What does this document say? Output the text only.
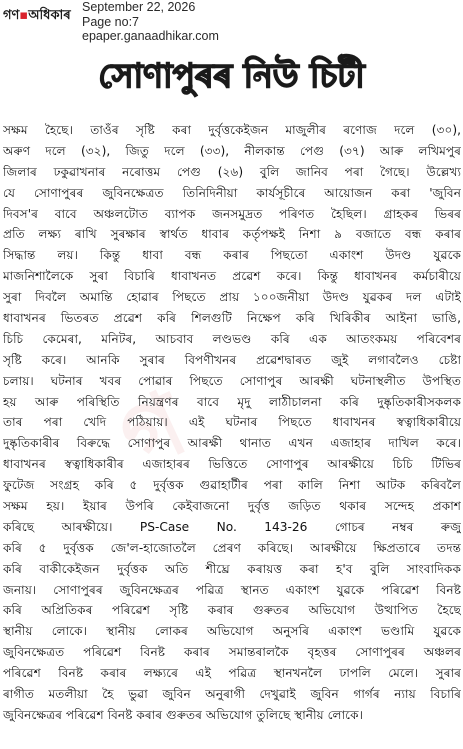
গণ▪অধিকাৰ
September 22, 2026
Page no:7
epaper.ganaadhikar.com
সোণাপুৰৰ নিউ চিটী
গ
সক্ষম হৈছে। তাওঁৰ সৃষ্টি কৰা দুৰ্বৃত্তকেইজন মাজুলীৰ ৰণোজ দলে (৩০),
অৰুণ দলে (৩২), জিতু দলে (৩৩), নীলকান্ত পেগু (৩৭) আৰু লখিমপুৰ
জিলাৰ ঢকুৱাখনাৰ নৰোত্তম পেগু (২৬) বুলি জানিব পৰা গৈছে। উল্লেখ্য
যে সোণাপুৰৰ জুবিনক্ষেত্ৰত তিনিদিনীয়া কাৰ্যসূচীৰে আয়োজন কৰা 'জুবিন
দিবস'ৰ বাবে অঞ্চলটোত ব্যাপক জনসমুদ্ৰত পৰিণত হৈছিল। গ্ৰাহকৰ ভিৰৰ
প্ৰতি লক্ষ্য ৰাখি সুৰক্ষাৰ স্বাৰ্থত ধাবাৰ কৰ্তৃপক্ষই নিশা ৯ বজাতে বন্ধ কৰাৰ
সিদ্ধান্ত লয়। কিন্তু ধাবা বন্ধ কৰাৰ পিছতো একাংশ উদণ্ড যুৱকে
মাজনিশালৈকে সুৰা বিচাৰি ধাবাখনত প্ৰৱেশ কৰে। কিন্তু ধাবাখনৰ কৰ্মচাৰীয়ে
সুৰা দিবলৈ অমান্তি হোৱাৰ পিছতে প্ৰায় ১০০জনীয়া উদণ্ড যুৱকৰ দল এটাই
ধাবাখনৰ ভিতৰত প্ৰৱেশ কৰি শিলগুটি নিক্ষেপ কৰি খিৰিকীৰ আইনা ভাঙি,
চিচি কেমেৰা, মনিটৰ, আচবাব লণ্ডভণ্ড কৰি এক আতংকময় পৰিবেশৰ
সৃষ্টি কৰে। আনকি সুৰাৰ বিপণীখনৰ প্ৰৱেশদ্বাৰত জুই লগাবলৈও চেষ্টা
চলায়। ঘটনাৰ খবৰ পোৱাৰ পিছতে সোণাপুৰ আৰক্ষী ঘটনাস্থলীত উপস্থিত
হয় আৰু পৰিস্থিতি নিয়ন্ত্ৰণৰ বাবে মৃদু লাঠীচালনা কৰি দুষ্কৃতিকাৰীসকলক
তাৰ পৰা খেদি পঠিয়ায়। এই ঘটনাৰ পিছতে ধাবাখনৰ স্বত্বাধিকাৰীয়ে
দুষ্কৃতিকাৰীৰ বিৰুদ্ধে সোণাপুৰ আৰক্ষী থানাত এখন এজাহাৰ দাখিল কৰে।
ধাবাখনৰ স্বত্বাধিকাৰীৰ এজাহাৰৰ ভিত্তিতে সোণাপুৰ আৰক্ষীয়ে চিচি টিভিৰ
ফুটেজ সংগ্ৰহ কৰি ৫ দুৰ্বৃত্তক গুৱাহাটীৰ পৰা কালি নিশা আটক কৰিবলৈ
সক্ষম হয়। ইয়াৰ উপৰি কেইবাজনো দুৰ্বৃত্ত জড়িত থকাৰ সন্দেহ প্ৰকাশ
কৰিছে আৰক্ষীয়ে। PS-Case No. 143-26 গোচৰ নম্বৰ ৰুজু
কৰি ৫ দুৰ্বৃত্তক জে'ল-হাজোতলৈ প্ৰেৰণ কৰিছে। আৰক্ষীয়ে ক্ষিপ্ৰতাৰে তদন্ত
কৰি বাকীকেইজন দুৰ্বৃত্তক অতি শীঘ্ৰে কৰায়ত্ত কৰা হ'ব বুলি সাংবাদিকক
জনায়। সোণাপুৰৰ জুবিনক্ষেত্ৰৰ পৱিত্ৰ স্থানত একাংশ যুৱকে পৰিৱেশ বিনষ্ট
কৰি অপ্ৰিতিকৰ পৰিৱেশ সৃষ্টি কৰাৰ গুৰুতৰ অভিযোগ উত্থাপিত হৈছে
স্থানীয় লোকে। স্থানীয় লোকৰ অভিযোগ অনুসৰি একাংশ ভণ্ডামি যুৱকে
জুবিনক্ষেত্ৰত পৰিৱেশ বিনষ্ট কৰাৰ সমান্তৰালকৈ বৃহত্তৰ সোণাপুৰৰ অঞ্চলৰ
পৰিৱেশ বিনষ্ট কৰাৰ লক্ষ্যৰে এই পৱিত্ৰ স্থানখনলৈ ঢাপলি মেলে। সুৰাৰ
ৰাগীত মতলীয়া হৈ ভুৱা জুবিন অনুৰাগী দেখুৱাই জুবিন গাৰ্গৰ ন্যায় বিচাৰি
জুবিনক্ষেত্ৰৰ পৰিৱেশ বিনষ্ট কৰাৰ গুৰুতৰ অভিযোগ তুলিছে স্থানীয় লোকে।
